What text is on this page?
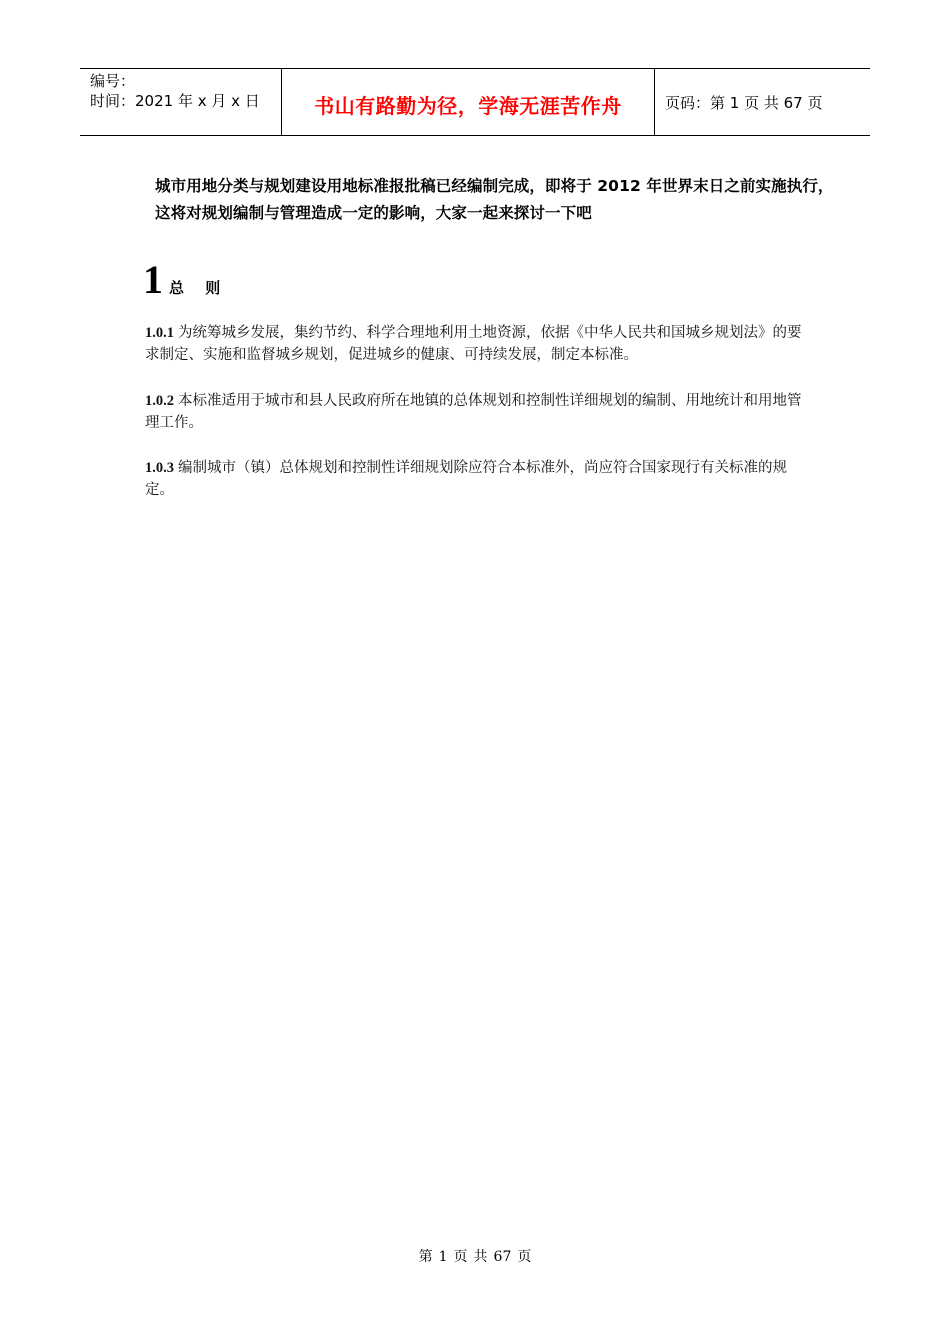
编号：
时间：2021 年 x 月 x 日	书山有路勤为径，学海无涯苦作舟	页码：第 1 页 共 67 页
城市用地分类与规划建设用地标准报批稿已经编制完成，即将于 2012 年世界末日之前实施执行，这将对规划编制与管理造成一定的影响，大家一起来探讨一下吧
1 总 则
1.0.1 为统筹城乡发展，集约节约、科学合理地利用土地资源，依据《中华人民共和国城乡规划法》的要求制定、实施和监督城乡规划，促进城乡的健康、可持续发展，制定本标准。
1.0.2 本标准适用于城市和县人民政府所在地镇的总体规划和控制性详细规划的编制、用地统计和用地管理工作。
1.0.3 编制城市（镇）总体规划和控制性详细规划除应符合本标准外，尚应符合国家现行有关标准的规定。
第 1 页 共 67 页
